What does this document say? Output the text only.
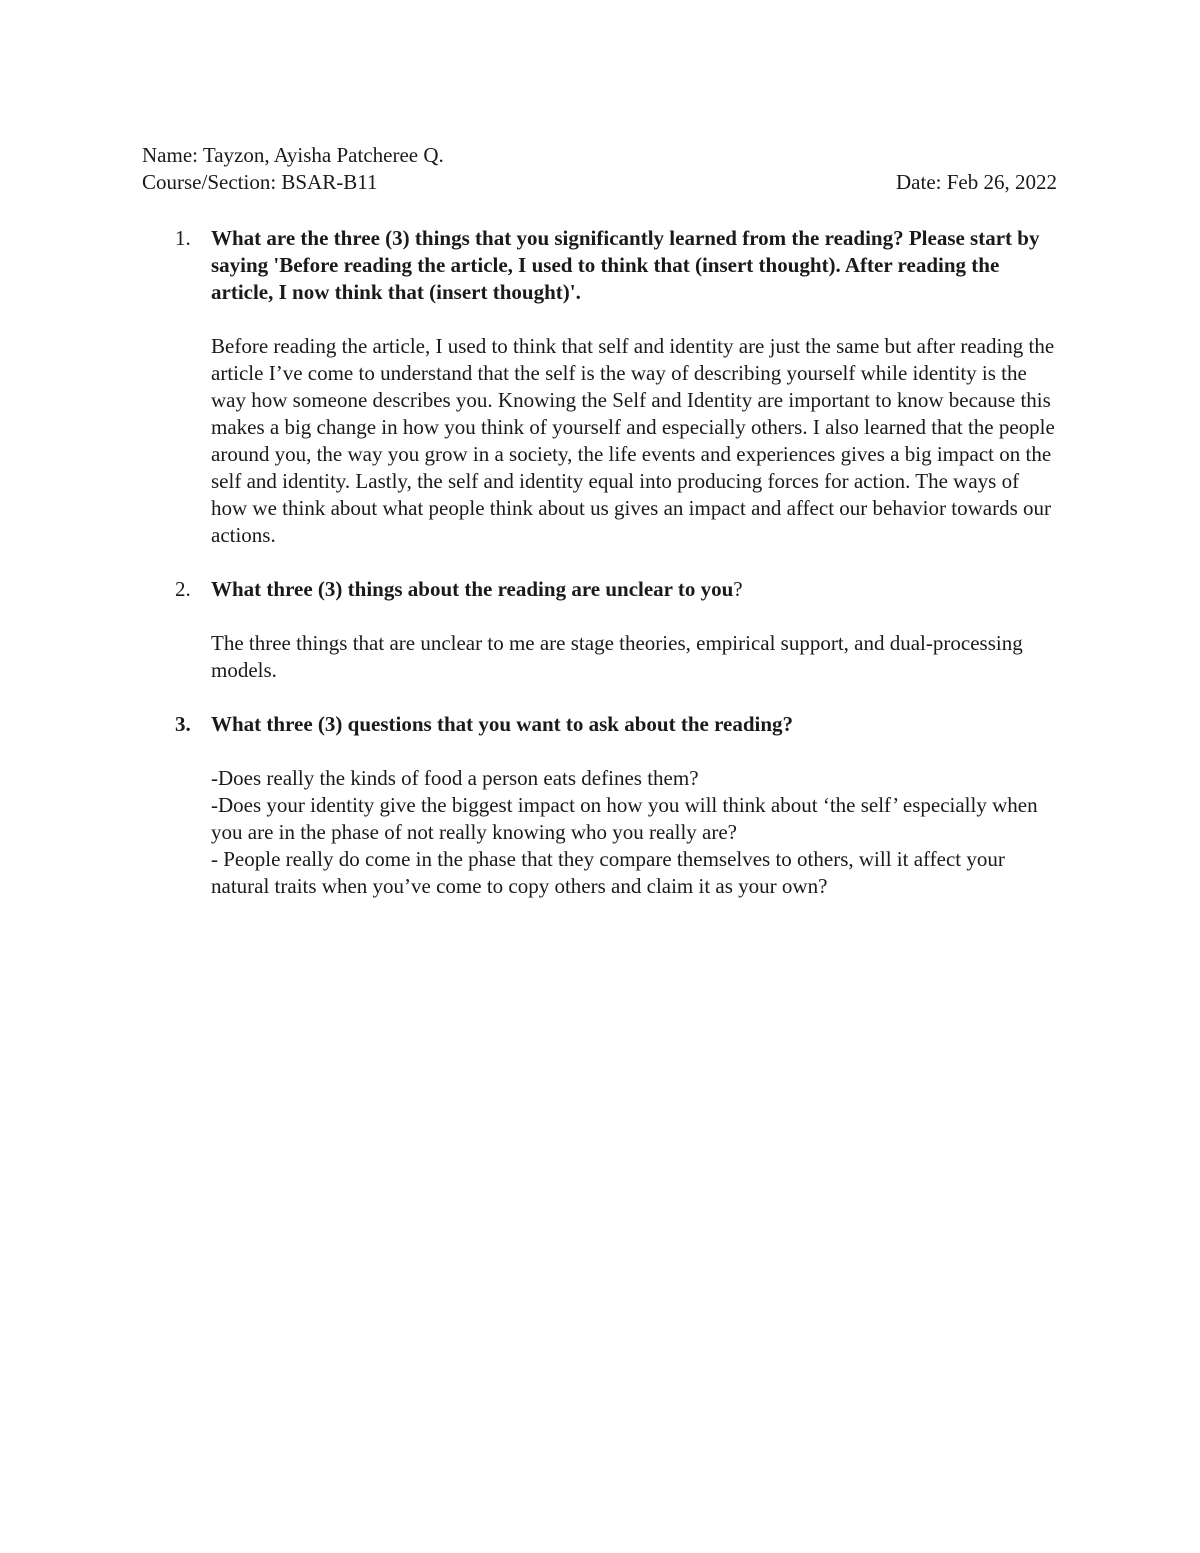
Name: Tayzon, Ayisha Patcheree Q.
Course/Section: BSAR-B11	Date: Feb 26, 2022
1. What are the three (3) things that you significantly learned from the reading? Please start by saying 'Before reading the article, I used to think that (insert thought). After reading the article, I now think that (insert thought)'.

Before reading the article, I used to think that self and identity are just the same but after reading the article I’ve come to understand that the self is the way of describing yourself while identity is the way how someone describes you. Knowing the Self and Identity are important to know because this makes a big change in how you think of yourself and especially others. I also learned that the people around you, the way you grow in a society, the life events and experiences gives a big impact on the self and identity. Lastly, the self and identity equal into producing forces for action. The ways of how we think about what people think about us gives an impact and affect our behavior towards our actions.

2. What three (3) things about the reading are unclear to you?

The three things that are unclear to me are stage theories, empirical support, and dual-processing models.

3. What three (3) questions that you want to ask about the reading?

-Does really the kinds of food a person eats defines them?

-Does your identity give the biggest impact on how you will think about ‘the self’ especially when you are in the phase of not really knowing who you really are?

- People really do come in the phase that they compare themselves to others, will it affect your natural traits when you’ve come to copy others and claim it as your own?
